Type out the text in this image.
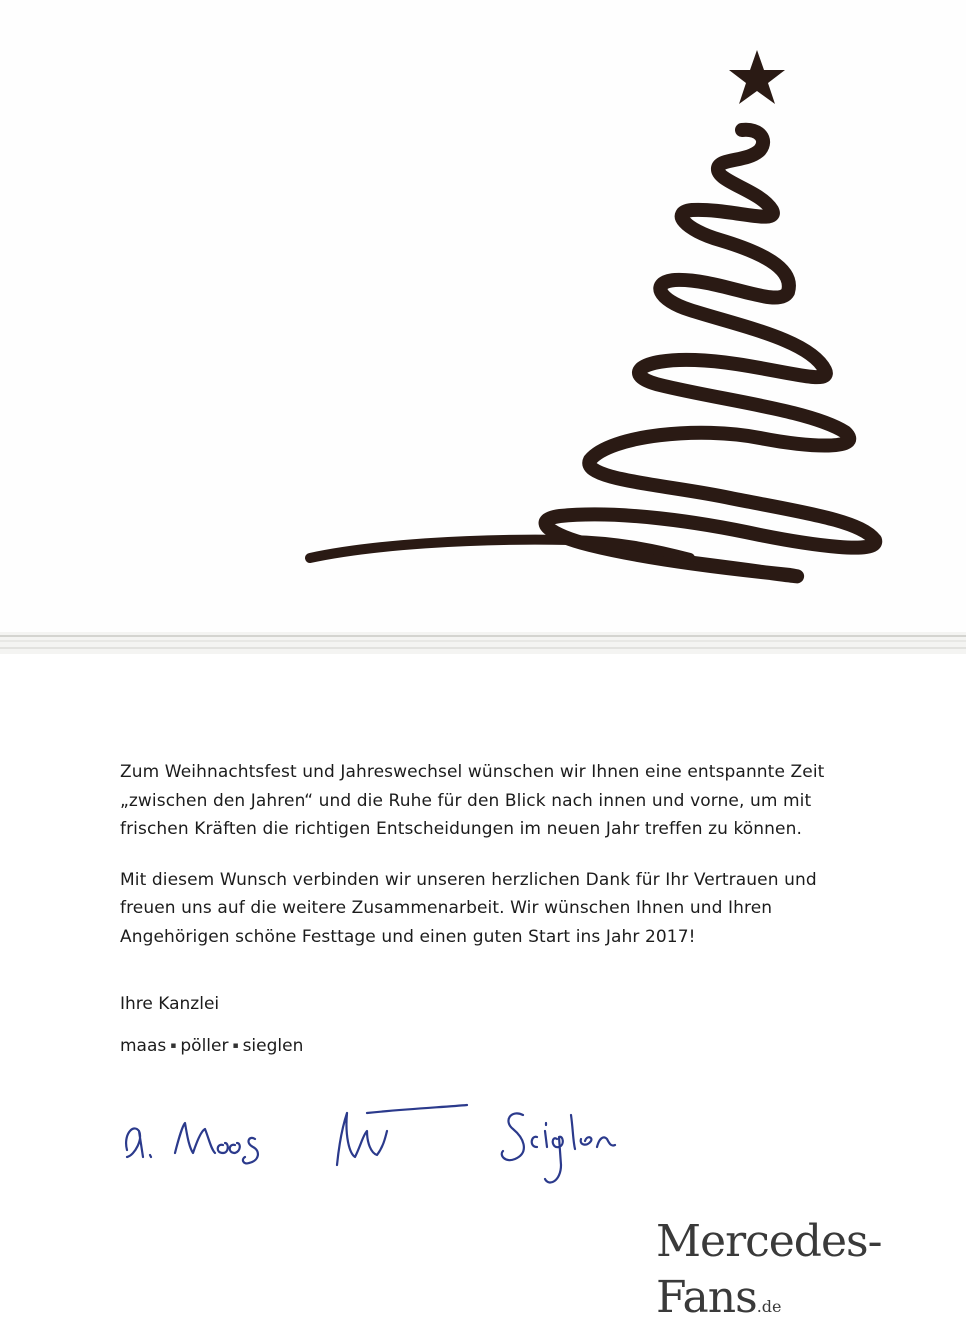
Zum Weihnachtsfest und Jahreswechsel wünschen wir Ihnen eine entspannte Zeit „zwischen den Jahren“ und die Ruhe für den Blick nach innen und vorne, um mit frischen Kräften die richtigen Entscheidungen im neuen Jahr treffen zu können.

Mit diesem Wunsch verbinden wir unseren herzlichen Dank für Ihr Vertrauen und freuen uns auf die weitere Zusammenarbeit. Wir wünschen Ihnen und Ihren Angehörigen schöne Festtage und einen guten Start ins Jahr 2017!

Ihre Kanzlei
maas ▪ pöller ▪ sieglen
Mercedes-Fans.de
